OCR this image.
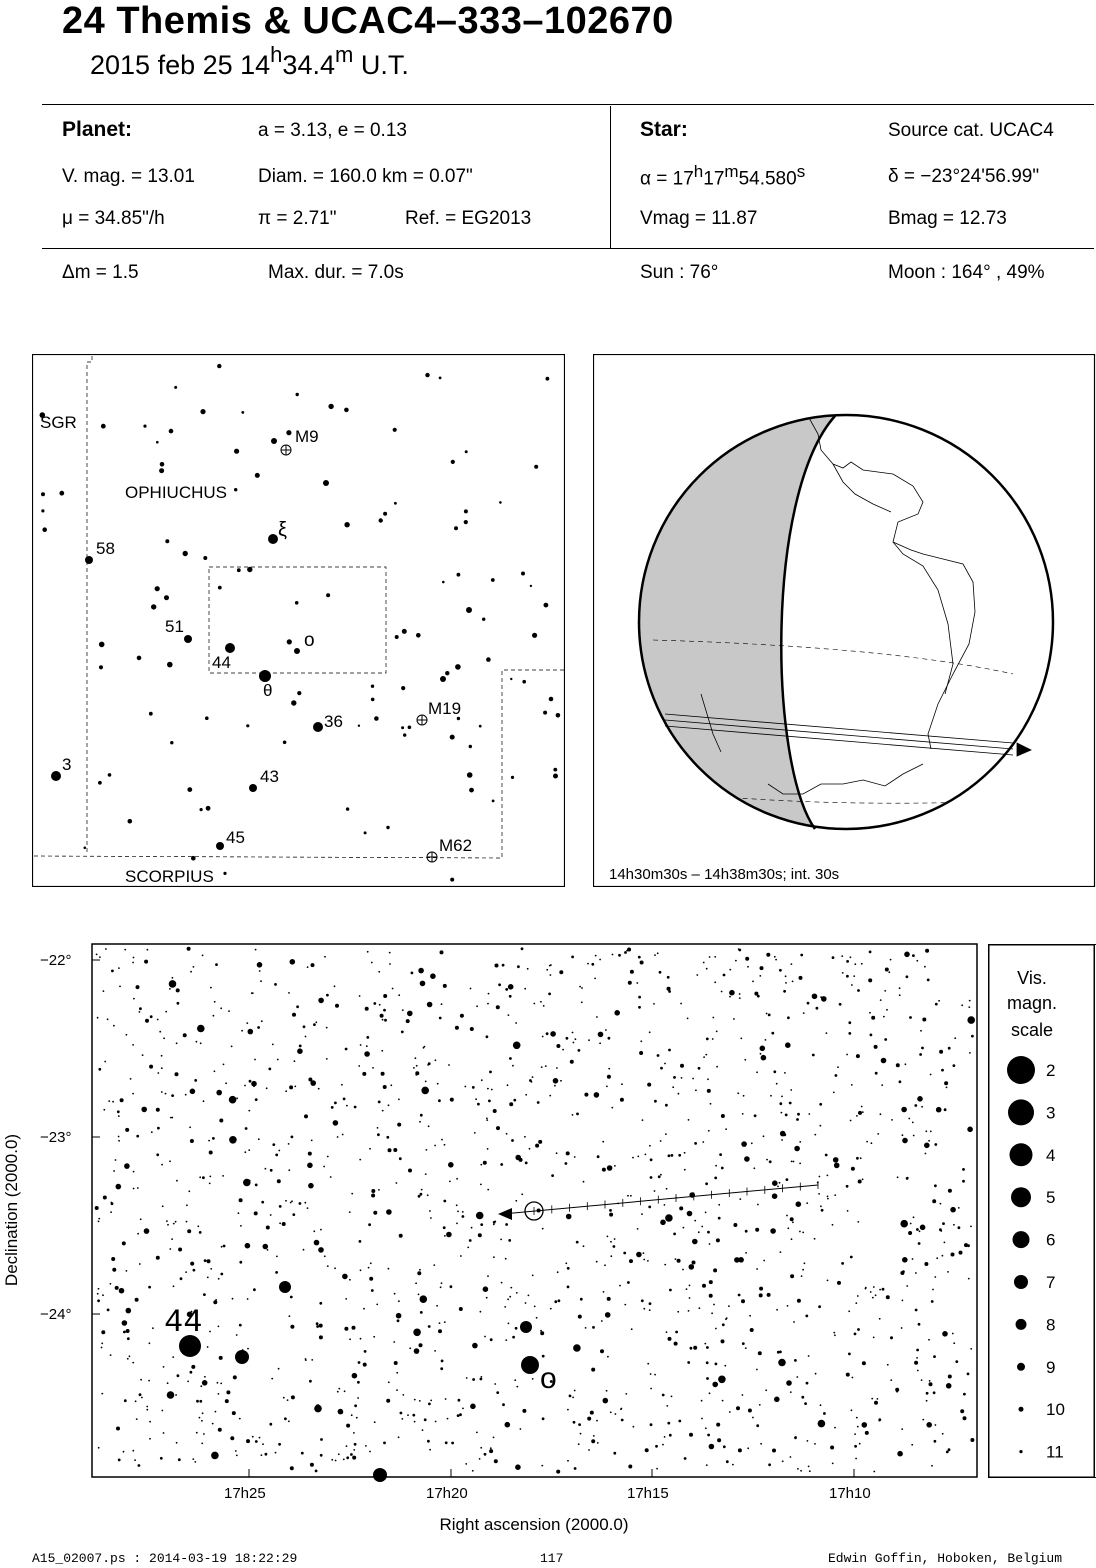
24 Themis & UCAC4–333–102670
2015 feb 25 14$^h$34.4$^m$ U.T.
Planet:	a = 3.13, e = 0.13
V. mag. = 13.01	Diam. = 160.0 km = 0.07"
μ = 34.85"/h	π = 2.71"	Ref. = EG2013
Star:	Source cat. UCAC4
$\alpha = 17^h17^m54.580^s$	δ = −23°24'56.99"
Vmag = 11.87	Bmag = 12.73
Δm = 1.5	Max. dur. = 7.0s	Sun : 76°	Moon : 164° , 49%
SGR
OPHIUCHUS
SCORPIUS
M9
M19
M62
ξ
58
51
44
o
θ
36
3
43
45
14h30m30s – 14h38m30s; int. 30s
−22°
−23°
−24°
17h25	17h20	17h15	17h10
Right ascension (2000.0)
Declination (2000.0)
44
o
Vis.
magn.
scale
2
3
4
5
6
7
8
9
10
11
A15_02007.ps : 2014-03-19 18:22:29	117	Edwin Goffin, Hoboken, Belgium
